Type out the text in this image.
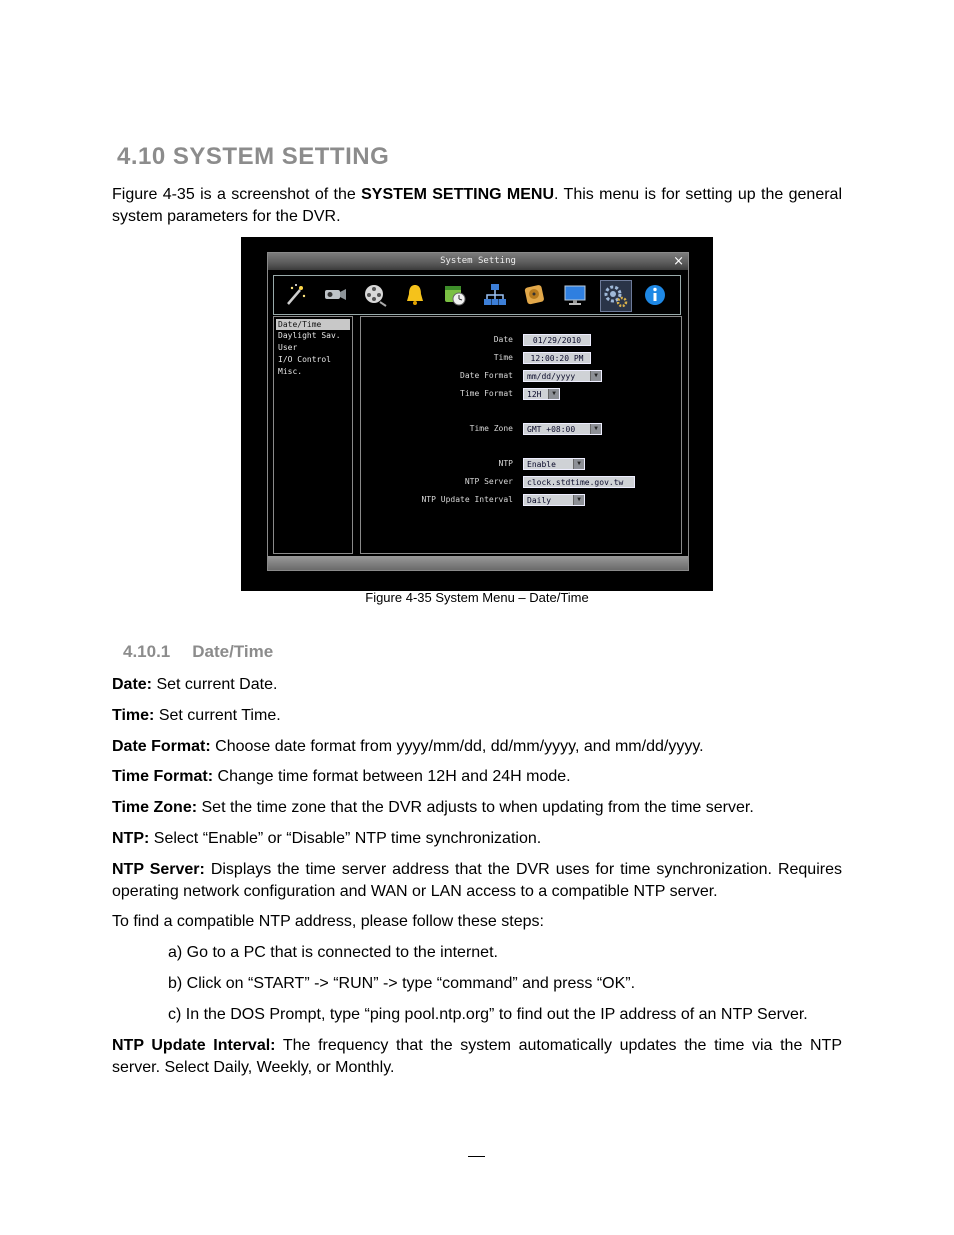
4.10 SYSTEM SETTING
Figure 4-35 is a screenshot of the SYSTEM SETTING MENU. This menu is for setting up the general system parameters for the DVR.
System Setting	×
Date/Time
Daylight Sav.
User
I/O Control
Misc.
Date	01/29/2010
Time	12:00:20 PM
Date Format	mm/dd/yyyy	▼
Time Format	12H	▼
Time Zone	GMT +08:00	▼
NTP	Enable	▼
NTP Server	clock.stdtime.gov.tw
NTP Update Interval	Daily	▼
Figure 4-35 System Menu – Date/Time
4.10.1 Date/Time
Date: Set current Date.
Time: Set current Time.
Date Format: Choose date format from yyyy/mm/dd, dd/mm/yyyy, and mm/dd/yyyy.
Time Format: Change time format between 12H and 24H mode.
Time Zone: Set the time zone that the DVR adjusts to when updating from the time server.
NTP: Select “Enable” or “Disable” NTP time synchronization.
NTP Server: Displays the time server address that the DVR uses for time synchronization. Requires operating network configuration and WAN or LAN access to a compatible NTP server.
To find a compatible NTP address, please follow these steps:
a) Go to a PC that is connected to the internet.
b) Click on “START” -> “RUN” -> type “command” and press “OK”.
c) In the DOS Prompt, type “ping pool.ntp.org” to find out the IP address of an NTP Server.
NTP Update Interval: The frequency that the system automatically updates the time via the NTP server. Select Daily, Weekly, or Monthly.
